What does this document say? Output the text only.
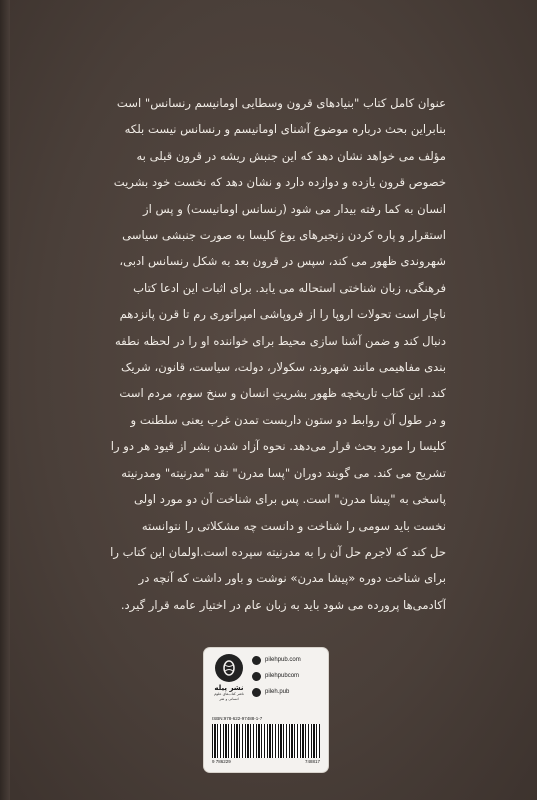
عنوان کامل کتاب "بنیادهای قرون وسطایی اومانیسم رنسانس" است
بنابراین بحث درباره موضوع آشنای اومانیسم و رنسانس نیست بلکه
مؤلف می خواهد نشان دهد که این جنبش ریشه در قرون قبلی به
خصوص قرون یازده و دوازده دارد و نشان دهد که نخست خود بشریت
انسان به کما رفته بیدار می شود (رنسانس اومانیست) و پس از
استقرار و پاره کردن زنجیرهای یوغ کلیسا به صورت جنبشی سیاسی
شهروندی ظهور می کند، سپس در قرون بعد به شکل رنسانس ادبی،
فرهنگی، زبان شناختی استحاله می یابد. برای اثبات این ادعا کتاب
ناچار است تحولات اروپا را از فروپاشی امپراتوری رم تا قرن پانزدهم
دنبال کند و ضمن آشنا سازی محیط برای خواننده او را در لحظه نطفه
بندی مفاهیمی مانند شهروند، سکولار، دولت، سیاست، قانون، شریک
کند. این کتاب تاریخچه ظهور بشریتِ انسان و سنخ سوم، مردم است
و در طول آن روابط دو ستون داربست تمدن غرب یعنی سلطنت و
کلیسا را مورد بحث قرار می‌دهد. نحوه آزاد شدن بشر از قیود هر دو را
تشریح می کند. می گویند دوران "پسا مدرن" نقد "مدرنیته" ومدرنیته
پاسخی به "پیشا مدرن" است. پس برای شناخت آن دو مورد اولی
نخست باید سومی را شناخت و دانست چه مشکلاتی را نتوانسته
حل کند که لاجرم حل آن را به مدرنیته سپرده است.اولمان این کتاب را
برای شناخت دوره «پیشا مدرن» نوشت و باور داشت که آنچه در
آکادمی‌ها پرورده می شود باید به زبان عام در اختیار عامه قرار گیرد.
نشر پیله
ناشر کتاب‌های علوم انسانی و هنر
pilehpub.com
pilehpubcom
pileh.pub
ISBN:978-622-97488-1-7
9 786229	748817
